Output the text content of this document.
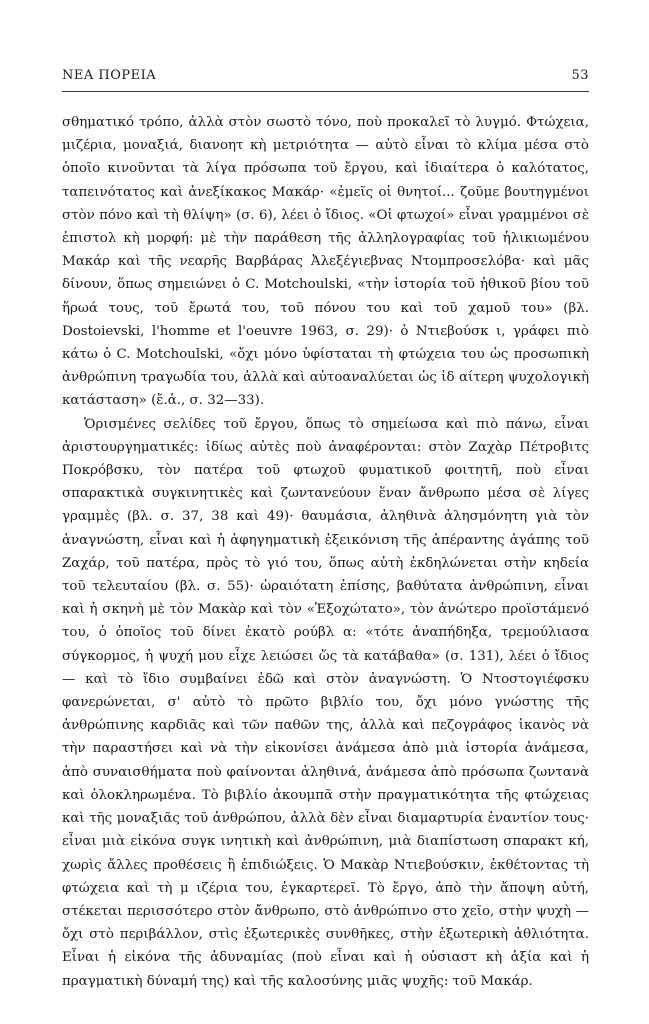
ΝΕΑ ΠΟΡΕΙΑ	53

σθηματικό τρόπο, ἀλλὰ στὸν σωστὸ τόνο, ποὺ προκαλεῖ τὸ λυγμό. Φτώχεια, μιζέρια, μοναξιά, διανοητ κὴ μετριότητα — αὐτὸ εἶναι τὸ κλίμα μέσα στὸ ὁποῖο κινοῦνται τὰ λίγα πρόσωπα τοῦ ἔργου, καὶ ἰδιαίτερα ὁ καλότατος, ταπεινότατος καὶ ἀνεξίκακος Μακάρ· «ἐμεῖς οἱ θνητοί... ζοῦμε βουτηγμένοι στὸν πόνο καὶ τὴ θλίψη» (σ. 6), λέει ὁ ἴδιος. «Οἱ φτωχοί» εἶναι γραμμένοι σὲ ἐπιστολ κὴ μορφή: μὲ τὴν παράθεση τῆς ἀλληλογραφίας τοῦ ἡλικιωμένου Μακάρ καὶ τῆς νεαρῆς Βαρβάρας Ἀλεξέγιεβνας Ντομπροσελόβα· καὶ μᾶς δίνουν, ὅπως σημειώνει ὁ C. Motchoulski, «τὴν ἱστορία τοῦ ἠθικοῦ βίου τοῦ ἥρωά τους, τοῦ ἔρωτά του, τοῦ πόνου του καὶ τοῦ χαμοῦ του» (βλ. Dostoievski, l'homme et l'oeuvre 1963, σ. 29)· ὁ Ντιεβούσκ ι, γράφει πιὸ κάτω ὁ C. Motchoulski, «ὄχι μόνο ὑφίσταται τὴ φτώχεια του ὡς προσωπικὴ ἀνθρώπινη τραγωδία του, ἀλλὰ καὶ αὐτοαναλύεται ὡς ἰδ αίτερη ψυχολογικὴ κατάσταση» (ἔ.ἀ., σ. 32—33).

Ὁρισμένες σελίδες τοῦ ἔργου, ὅπως τὸ σημείωσα καὶ πιὸ πάνω, εἶναι ἀριστουργηματικές: ἰδίως αὐτὲς ποὺ ἀναφέρονται: στὸν Ζαχὰρ Πέτροβιτς Ποκρόβσκυ, τὸν πατέρα τοῦ φτωχοῦ φυματικοῦ φοιτητῆ, ποὺ εἶναι σπαρακτικὰ συγκινητικὲς καὶ ζωντανεύουν ἕναν ἄνθρωπο μέσα σὲ λίγες γραμμὲς (βλ. σ. 37, 38 καὶ 49)· θαυμάσια, ἀληθινὰ ἀλησμόνητη γιὰ τὸν ἀναγνώστη, εἶναι καὶ ἡ ἀφηγηματικὴ ἐξεικόνιση τῆς ἀπέραντης ἀγάπης τοῦ Ζαχάρ, τοῦ πατέρα, πρὸς τὸ γιό του, ὅπως αὐτὴ ἐκδηλώνεται στὴν κηδεία τοῦ τελευταίου (βλ. σ. 55)· ὡραιότατη ἐπίσης, βαθύτατα ἀνθρώπινη, εἶναι καὶ ἡ σκηνὴ μὲ τὸν Μακὰρ καὶ τὸν «Ἐξοχώτατο», τὸν ἀνώτερο προϊστάμενό του, ὁ ὁποῖος τοῦ δίνει ἑκατὸ ρούβλ α: «τότε ἀναπήδηξα, τρεμούλιασα σύγκορμος, ἡ ψυχή μου εἶχε λειώσει ὥς τὰ κατάβαθα» (σ. 131), λέει ὁ ἴδιος — καὶ τὸ ἴδιο συμβαίνει ἐδῶ καὶ στὸν ἀναγνώστη. Ὁ Ντοστογιέφσκυ φανερώνεται, σ' αὐτὸ τὸ πρῶτο βιβλίο του, ὄχι μόνο γνώστης τῆς ἀνθρώπινης καρδιᾶς καὶ τῶν παθῶν της, ἀλλὰ καὶ πεζογράφος ἱκανὸς νὰ τὴν παραστήσει καὶ νὰ τὴν εἰκονίσει ἀνάμεσα ἀπὸ μιὰ ἱστορία ἀνάμεσα, ἀπὸ συναισθήματα ποὺ φαίνονται ἀληθινά, ἀνάμεσα ἀπὸ πρόσωπα ζωντανὰ καὶ ὁλοκληρωμένα. Τὸ βιβλίο ἀκουμπᾶ στὴν πραγματικότητα τῆς φτώχειας καὶ τῆς μοναξιᾶς τοῦ ἀνθρώπου, ἀλλὰ δὲν εἶναι διαμαρτυρία ἐναντίον τους· εἶναι μιὰ εἰκόνα συγκ ινητικὴ καὶ ἀνθρώπινη, μιὰ διαπίστωση σπαρακτ κή, χωρὶς ἄλλες προθέσεις ἢ ἐπιδιώξεις. Ὁ Μακὰρ Ντιεβούσκιν, ἐκθέτοντας τὴ φτώχεια καὶ τὴ μ ιζέρια του, ἐγκαρτερεῖ. Τὸ ἔργο, ἀπὸ τὴν ἄποψη αὐτή, στέκεται περισσότερο στὸν ἄνθρωπο, στὸ ἀνθρώπινο στο χεῖο, στὴν ψυχὴ — ὄχι στὸ περιβάλλον, στὶς ἐξωτερικὲς συνθῆκες, στὴν ἐξωτερικὴ ἀθλιότητα. Εἶναι ἡ εἰκόνα τῆς ἀδυναμίας (ποὺ εἶναι καὶ ἡ οὐσιαστ κὴ ἀξία καὶ ἡ πραγματικὴ δύναμή της) καὶ τῆς καλοσύνης μιᾶς ψυχῆς: τοῦ Μακάρ.
